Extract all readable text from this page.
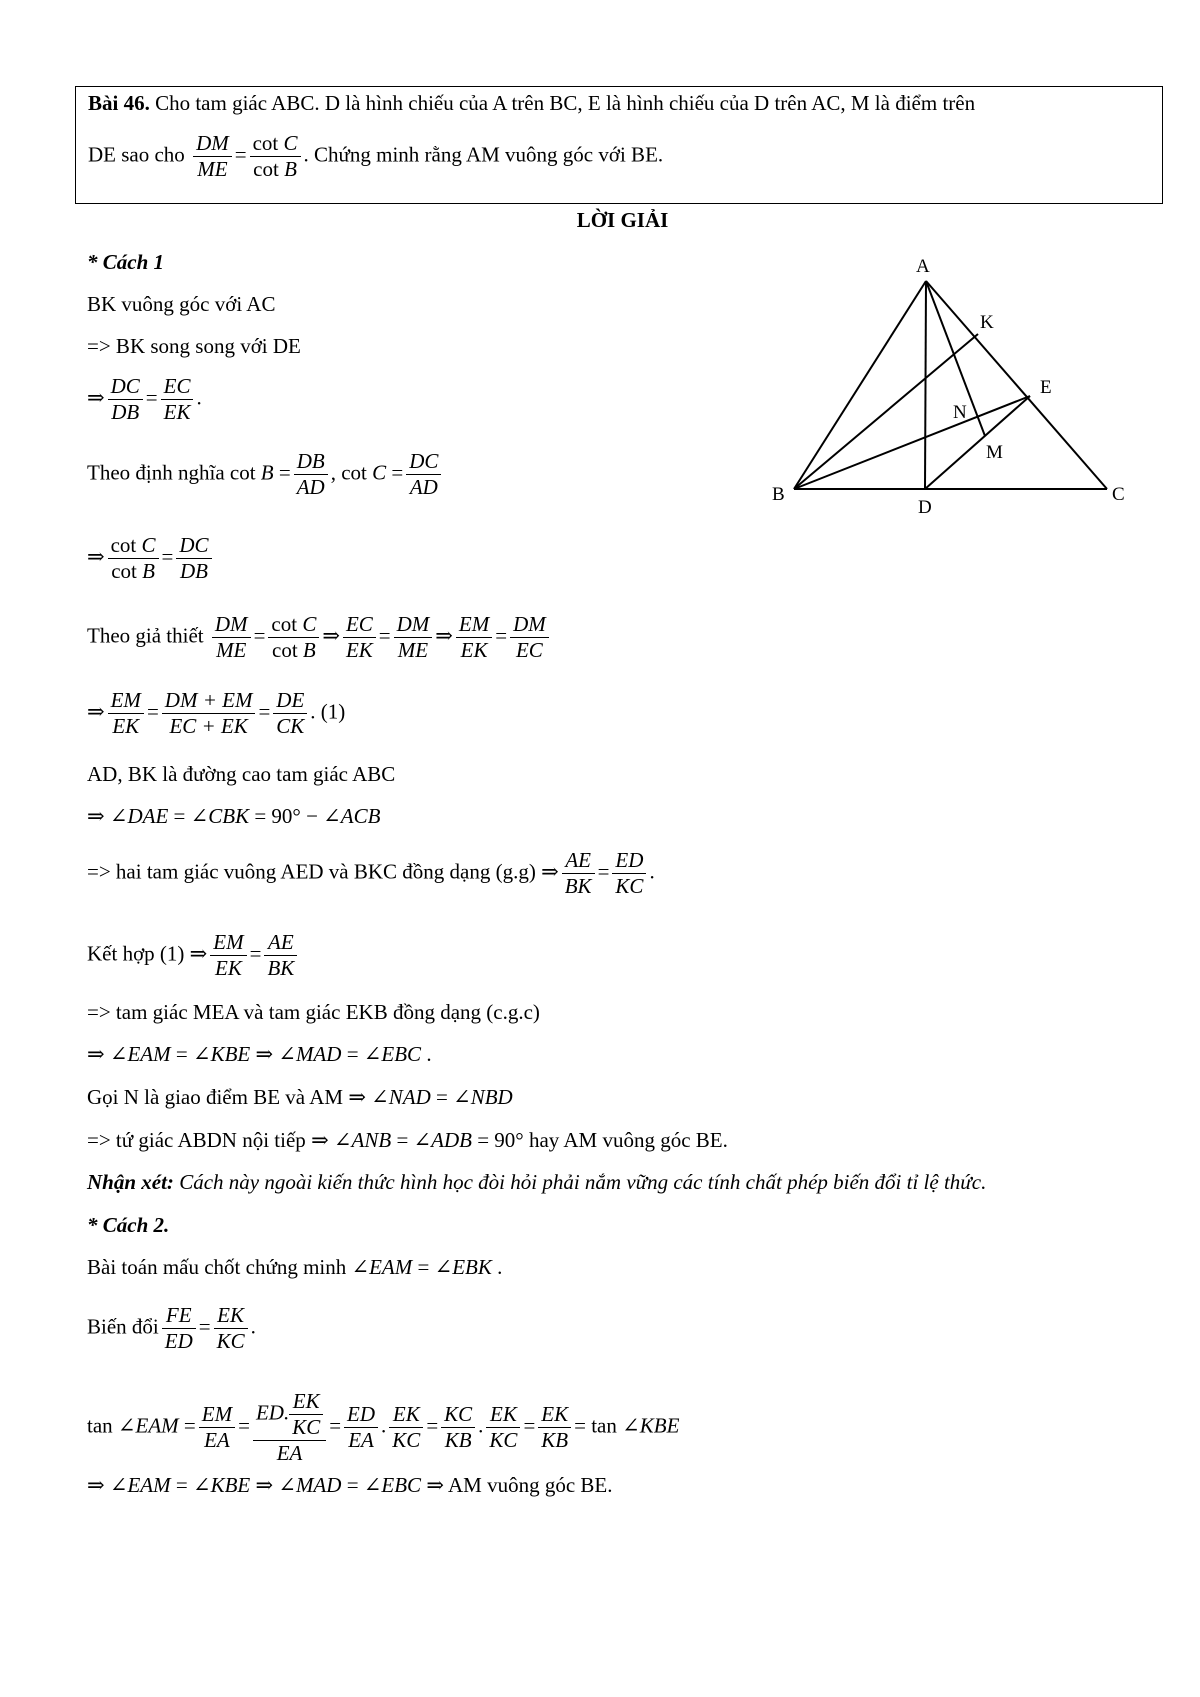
Bài 46. Cho tam giác ABC. D là hình chiếu của A trên BC, E là hình chiếu của D trên AC, M là điểm trên
DE sao cho $\frac{DM}{ME} = \frac{\text{cot C}}{\text{cot B}}$ . Chứng minh rằng AM vuông góc với BE.
LỜI GIẢI
* Cách 1
BK vuông góc với AC
=> BK song song với DE
⇒ $\frac{DC}{DB} = \frac{EC}{EK}$ .
Theo định nghĩa $\cot B = \frac{DB}{AD}$ , $\cot C = \frac{DC}{AD}$
⇒ $\frac{\text{cot C}}{\text{cot B}} = \frac{DC}{DB}$
Theo giả thiết $\frac{DM}{ME} = \frac{\text{cot C}}{\text{cot B}}$ ⇒ $\frac{EC}{EK} = \frac{DM}{ME}$ ⇒ $\frac{EM}{EK} = \frac{DM}{EC}$
⇒ $\frac{EM}{EK} = \frac{DM + EM}{EC + EK} = \frac{DE}{CK}$ . (1)
AD, BK là đường cao tam giác ABC
⇒ ∠DAE = ∠CBK = 90° − ∠ACB
=> hai tam giác vuông AED và BKC đồng dạng (g.g) ⇒ $\frac{AE}{BK} = \frac{ED}{KC}$ .
Kết hợp (1) ⇒ $\frac{EM}{EK} = \frac{AE}{BK}$
=> tam giác MEA và tam giác EKB đồng dạng (c.g.c)
⇒ ∠EAM = ∠KBE ⇒ ∠MAD = ∠EBC .
Gọi N là giao điểm BE và AM ⇒ ∠NAD = ∠NBD
=> tứ giác ABDN nội tiếp ⇒ ∠ANB = ∠ADB = 90° hay AM vuông góc BE.
Nhận xét: Cách này ngoài kiến thức hình học đòi hỏi phải nắm vững các tính chất phép biến đổi tỉ lệ thức.
* Cách 2.
Bài toán mấu chốt chứng minh ∠EAM = ∠EBK .
Biến đổi $\frac{FE}{ED} = \frac{EK}{KC}$ .
tan ∠EAM = $\frac{EM}{EA} = \frac{ED. \frac{EK}{KC}}{EA} = \frac{ED}{EA}$ . $\frac{EK}{KC} = \frac{KC}{KB}$ . $\frac{EK}{KC} = \frac{EK}{KB} = \tan$ ∠KBE
⇒ ∠EAM = ∠KBE ⇒ ∠MAD = ∠EBC ⇒ AM vuông góc BE.
A
B	C
D
E
K
N
M
